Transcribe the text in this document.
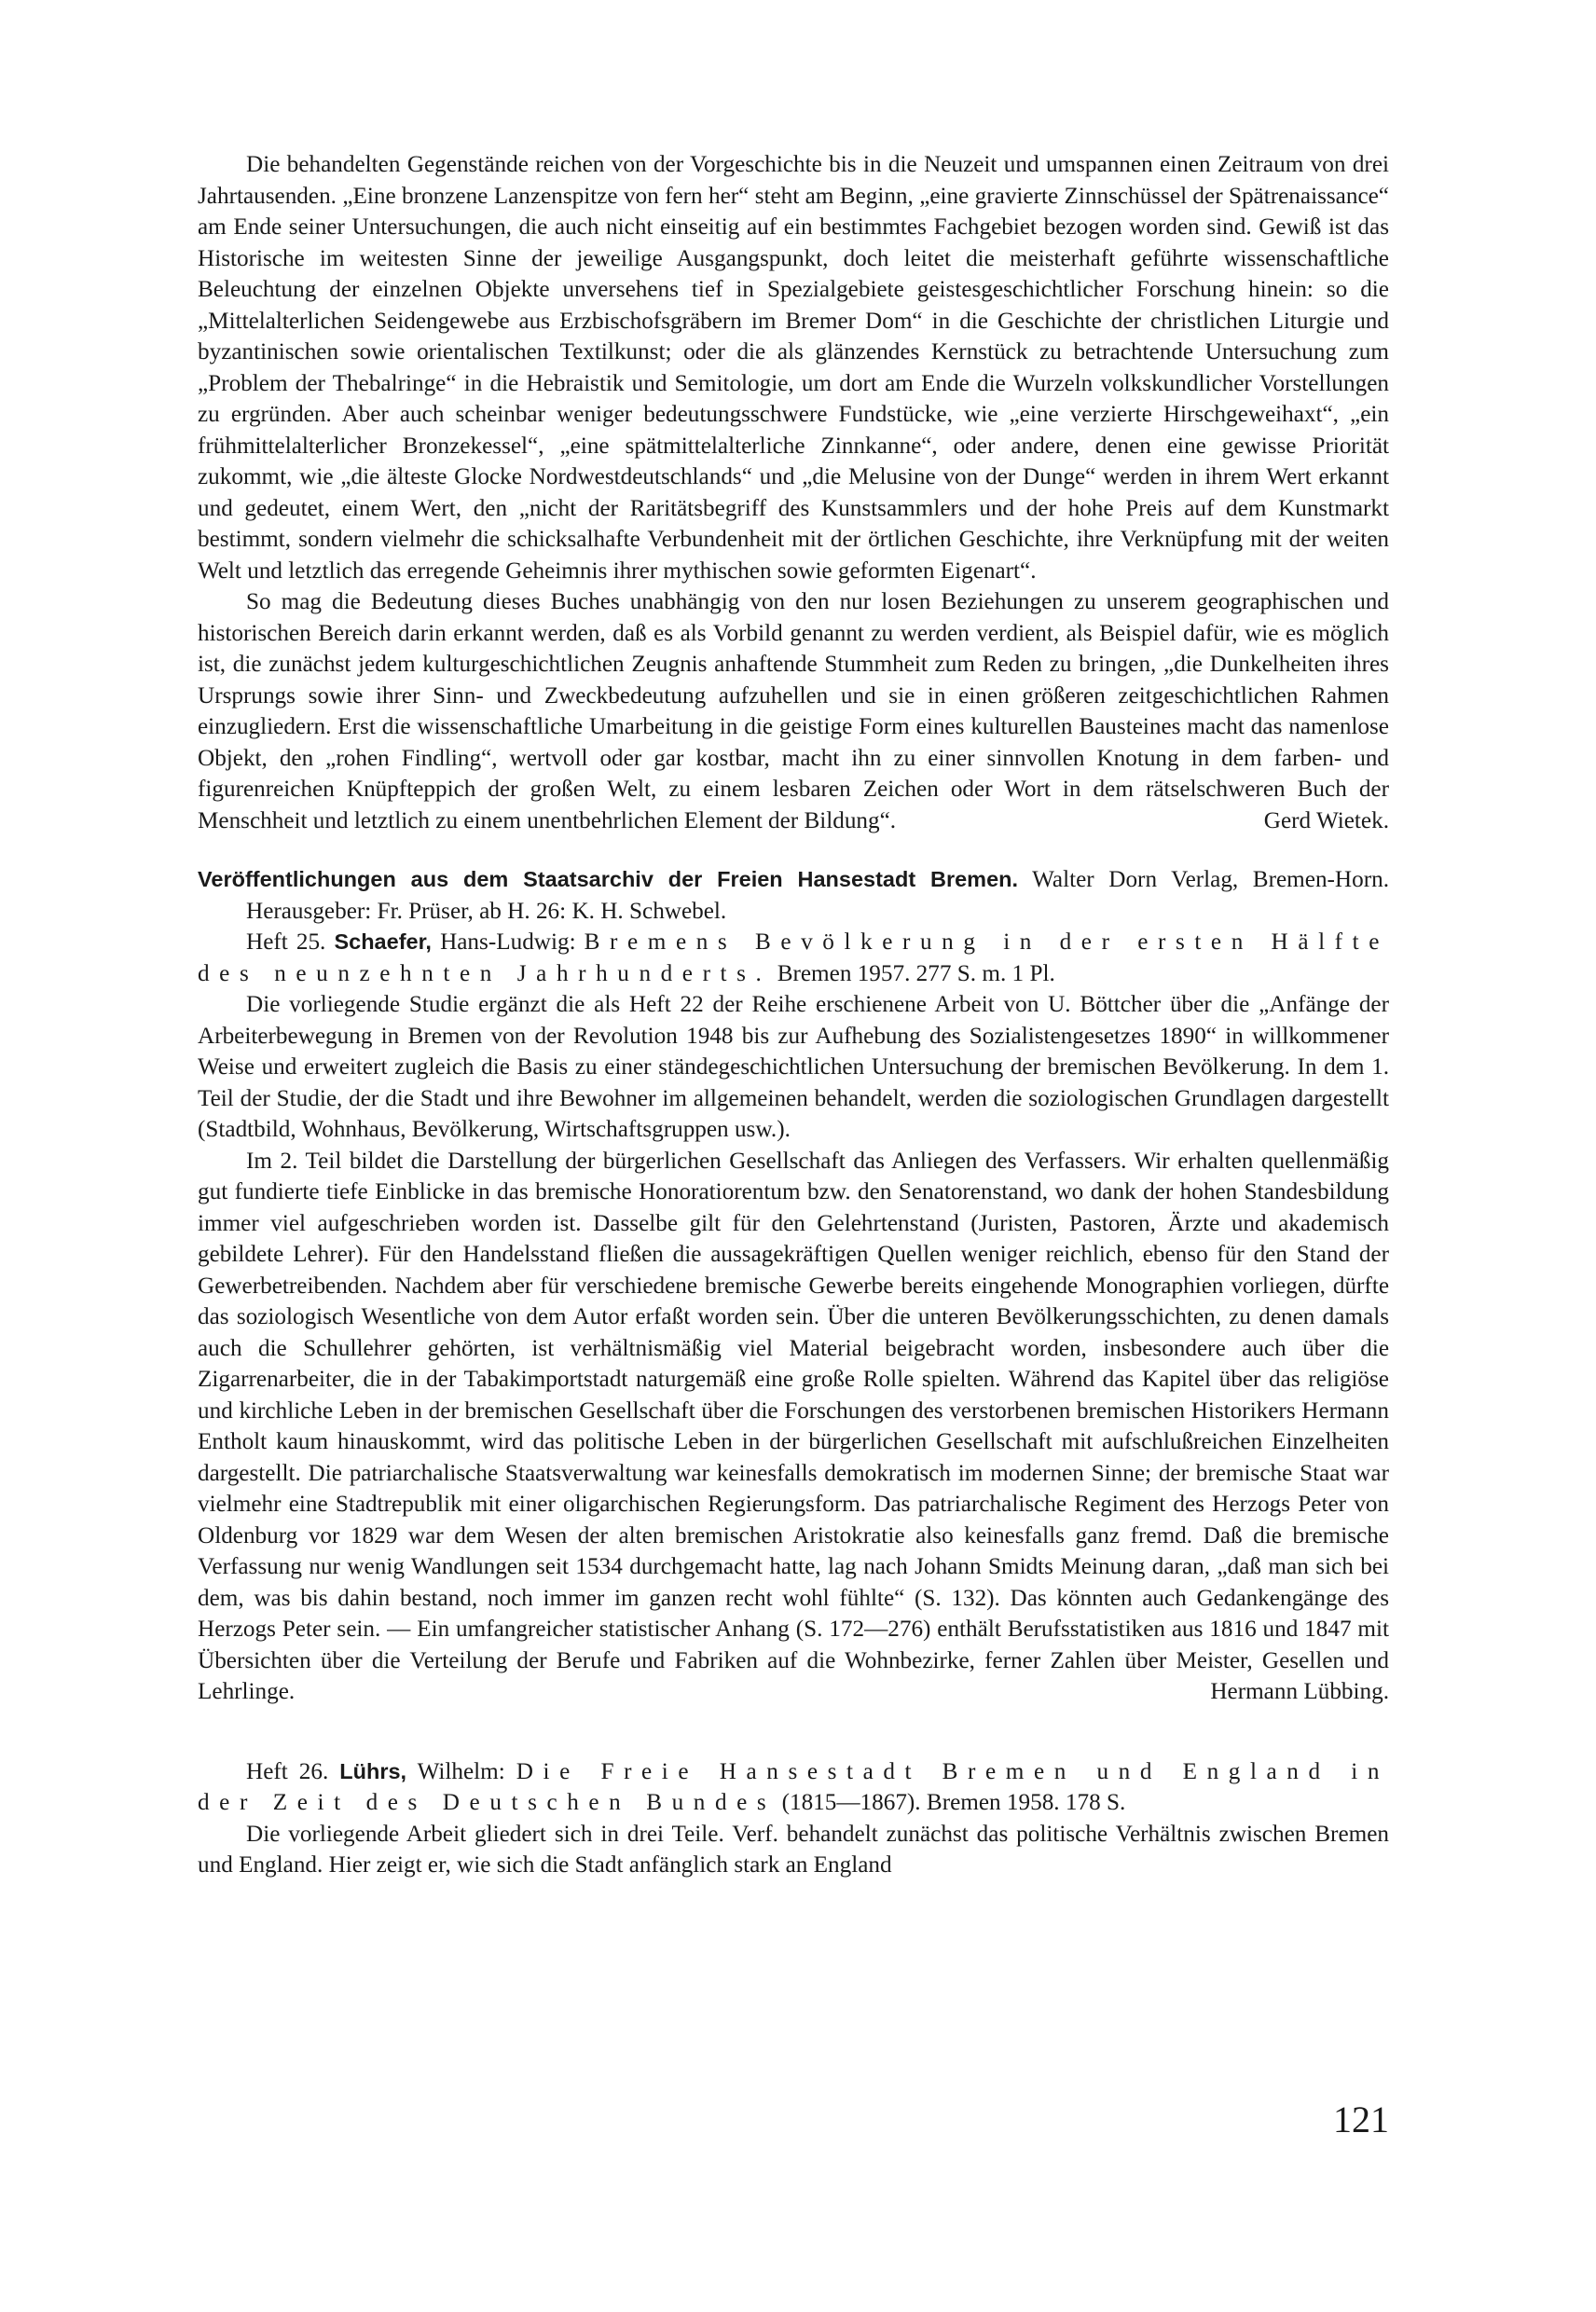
Die behandelten Gegenstände reichen von der Vorgeschichte bis in die Neuzeit und umspannen einen Zeitraum von drei Jahrtausenden. „Eine bronzene Lanzenspitze von fern her“ steht am Beginn, „eine gravierte Zinnschüssel der Spätrenaissance“ am Ende seiner Untersuchungen, die auch nicht einseitig auf ein bestimmtes Fachgebiet bezogen worden sind. Gewiß ist das Historische im weitesten Sinne der jeweilige Ausgangspunkt, doch leitet die meisterhaft geführte wissenschaftliche Beleuchtung der einzelnen Objekte unversehens tief in Spezialgebiete geistesgeschichtlicher Forschung hinein: so die „Mittelalterlichen Seidengewebe aus Erzbischofsgräbern im Bremer Dom“ in die Geschichte der christlichen Liturgie und byzantinischen sowie orientalischen Textilkunst; oder die als glänzendes Kernstück zu betrachtende Untersuchung zum „Problem der Thebalringe“ in die Hebraistik und Semitologie, um dort am Ende die Wurzeln volkskundlicher Vorstellungen zu ergründen. Aber auch scheinbar weniger bedeutungsschwere Fundstücke, wie „eine verzierte Hirschgeweihaxt“, „ein frühmittelalterlicher Bronzekessel“, „eine spätmittelalterliche Zinnkanne“, oder andere, denen eine gewisse Priorität zukommt, wie „die älteste Glocke Nordwestdeutschlands“ und „die Melusine von der Dunge“ werden in ihrem Wert erkannt und gedeutet, einem Wert, den „nicht der Raritätsbegriff des Kunstsammlers und der hohe Preis auf dem Kunstmarkt bestimmt, sondern vielmehr die schicksalhafte Verbundenheit mit der örtlichen Geschichte, ihre Verknüpfung mit der weiten Welt und letztlich das erregende Geheimnis ihrer mythischen sowie geformten Eigenart“.

So mag die Bedeutung dieses Buches unabhängig von den nur losen Beziehungen zu unserem geographischen und historischen Bereich darin erkannt werden, daß es als Vorbild genannt zu werden verdient, als Beispiel dafür, wie es möglich ist, die zunächst jedem kulturgeschichtlichen Zeugnis anhaftende Stummheit zum Reden zu bringen, „die Dunkelheiten ihres Ursprungs sowie ihrer Sinn- und Zweckbedeutung aufzuhellen und sie in einen größeren zeitgeschichtlichen Rahmen einzugliedern. Erst die wissenschaftliche Umarbeitung in die geistige Form eines kulturellen Bausteines macht das namenlose Objekt, den „rohen Findling“, wertvoll oder gar kostbar, macht ihn zu einer sinnvollen Knotung in dem farben- und figurenreichen Knüpfteppich der großen Welt, zu einem lesbaren Zeichen oder Wort in dem rätselschweren Buch der Menschheit und letztlich zu einem unentbehrlichen Element der Bildung“.	Gerd Wietek.

Veröffentlichungen aus dem Staatsarchiv der Freien Hansestadt Bremen. Walter Dorn Verlag, Bremen-Horn. Herausgeber: Fr. Prüser, ab H. 26: K. H. Schwebel.

Heft 25. Schaefer, Hans-Ludwig: Bremens Bevölkerung in der ersten Hälfte des neunzehnten Jahrhunderts. Bremen 1957. 277 S. m. 1 Pl.

Die vorliegende Studie ergänzt die als Heft 22 der Reihe erschienene Arbeit von U. Böttcher über die „Anfänge der Arbeiterbewegung in Bremen von der Revolution 1948 bis zur Aufhebung des Sozialistengesetzes 1890“ in willkommener Weise und erweitert zugleich die Basis zu einer ständegeschichtlichen Untersuchung der bremischen Bevölkerung. In dem 1. Teil der Studie, der die Stadt und ihre Bewohner im allgemeinen behandelt, werden die soziologischen Grundlagen dargestellt (Stadtbild, Wohnhaus, Bevölkerung, Wirtschaftsgruppen usw.).

Im 2. Teil bildet die Darstellung der bürgerlichen Gesellschaft das Anliegen des Verfassers. Wir erhalten quellenmäßig gut fundierte tiefe Einblicke in das bremische Honoratiorentum bzw. den Senatorenstand, wo dank der hohen Standesbildung immer viel aufgeschrieben worden ist. Dasselbe gilt für den Gelehrtenstand (Juristen, Pastoren, Ärzte und akademisch gebildete Lehrer). Für den Handelsstand fließen die aussagekräftigen Quellen weniger reichlich, ebenso für den Stand der Gewerbetreibenden. Nachdem aber für verschiedene bremische Gewerbe bereits eingehende Monographien vorliegen, dürfte das soziologisch Wesentliche von dem Autor erfaßt worden sein. Über die unteren Bevölkerungsschichten, zu denen damals auch die Schullehrer gehörten, ist verhältnismäßig viel Material beigebracht worden, insbesondere auch über die Zigarrenarbeiter, die in der Tabakimportstadt naturgemäß eine große Rolle spielten. Während das Kapitel über das religiöse und kirchliche Leben in der bremischen Gesellschaft über die Forschungen des verstorbenen bremischen Historikers Hermann Entholt kaum hinauskommt, wird das politische Leben in der bürgerlichen Gesellschaft mit aufschlußreichen Einzelheiten dargestellt. Die patriarchalische Staatsverwaltung war keinesfalls demokratisch im modernen Sinne; der bremische Staat war vielmehr eine Stadtrepublik mit einer oligarchischen Regierungsform. Das patriarchalische Regiment des Herzogs Peter von Oldenburg vor 1829 war dem Wesen der alten bremischen Aristokratie also keinesfalls ganz fremd. Daß die bremische Verfassung nur wenig Wandlungen seit 1534 durchgemacht hatte, lag nach Johann Smidts Meinung daran, „daß man sich bei dem, was bis dahin bestand, noch immer im ganzen recht wohl fühlte“ (S. 132). Das könnten auch Gedankengänge des Herzogs Peter sein. — Ein umfangreicher statistischer Anhang (S. 172—276) enthält Berufsstatistiken aus 1816 und 1847 mit Übersichten über die Verteilung der Berufe und Fabriken auf die Wohnbezirke, ferner Zahlen über Meister, Gesellen und Lehrlinge.	Hermann Lübbing.

Heft 26. Lührs, Wilhelm: Die Freie Hansestadt Bremen und England in der Zeit des Deutschen Bundes (1815—1867). Bremen 1958. 178 S.

Die vorliegende Arbeit gliedert sich in drei Teile. Verf. behandelt zunächst das politische Verhältnis zwischen Bremen und England. Hier zeigt er, wie sich die Stadt anfänglich stark an England

121
